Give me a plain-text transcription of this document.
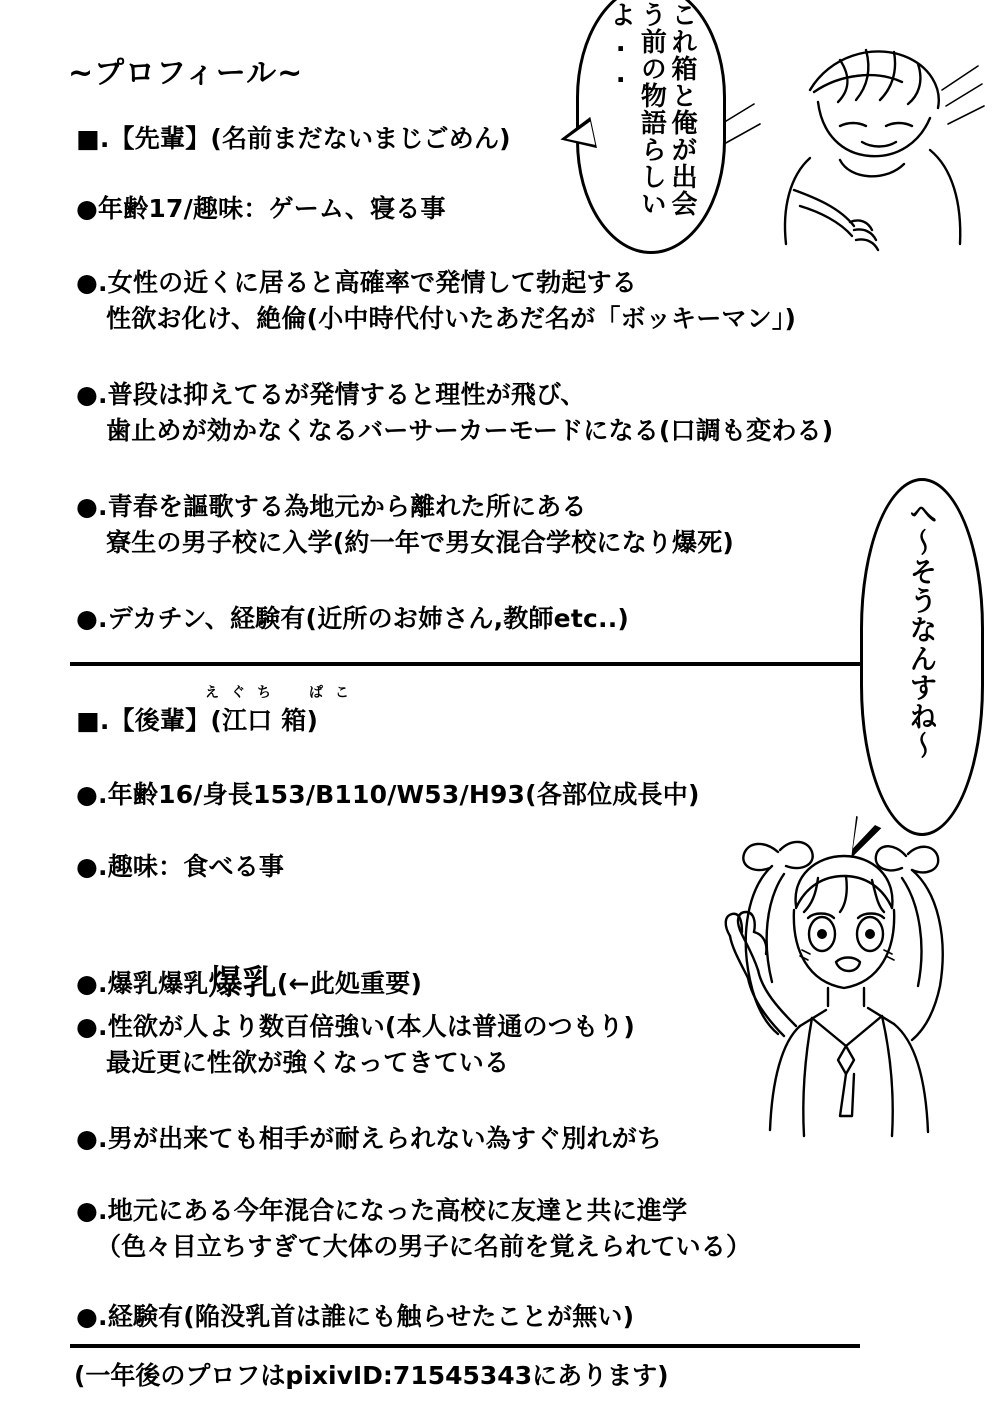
~プロフィール~
■.【先輩】(名前まだないまじごめん)
●年齢17/趣味：ゲーム、寝る事
●.女性の近くに居ると高確率で発情して勃起する
性欲お化け、絶倫(小中時代付いたあだ名が「ボッキーマン」)
●.普段は抑えてるが発情すると理性が飛び、
歯止めが効かなくなるバーサーカーモードになる(口調も変わる)
●.青春を謳歌する為地元から離れた所にある
寮生の男子校に入学(約一年で男女混合学校になり爆死)
●.デカチン、経験有(近所のお姉さん,教師etc..)
えぐち　ぱこ
■.【後輩】(江口 箱)
●.年齢16/身長153/B110/W53/H93(各部位成長中)
●.趣味：食べる事

●.爆乳爆乳爆乳(←此処重要)

●.性欲が人より数百倍強い(本人は普通のつもり)
最近更に性欲が強くなってきている
●.男が出来ても相手が耐えられない為すぐ別れがち
●.地元にある今年混合になった高校に友達と共に進学
（色々目立ちすぎて大体の男子に名前を覚えられている）
●.経験有(陥没乳首は誰にも触らせたことが無い)
(一年後のプロフはpixivID:71545343にあります)
これ箱と俺が出会う前の物語らしいよ..
へ～そうなんすね～
